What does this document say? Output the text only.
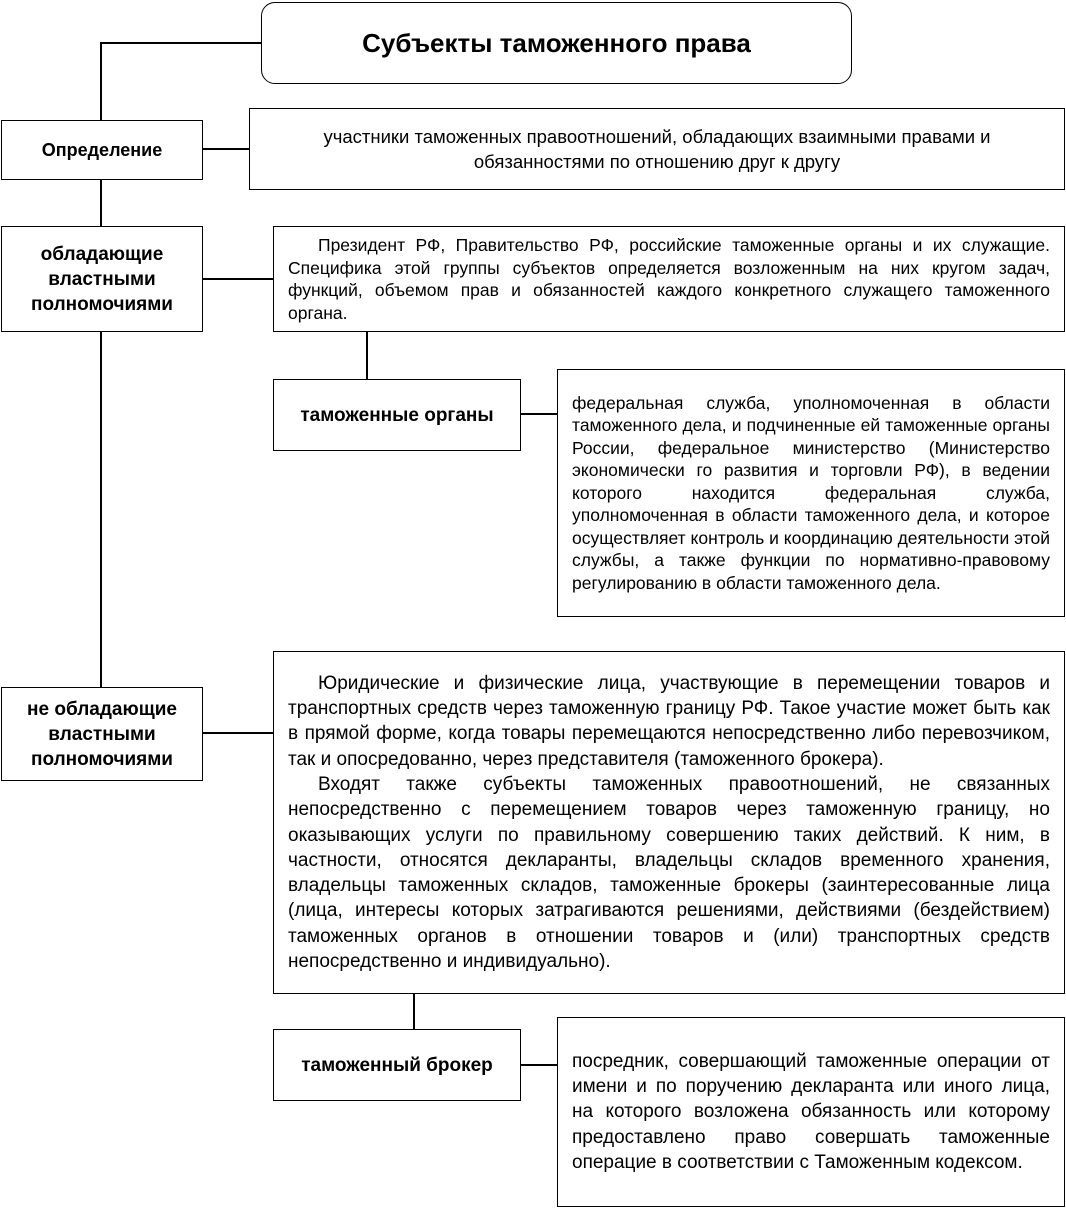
Субъекты таможенного права
Определение
участники таможенных правоотношений, обладающих взаимными правами и обязанностями по отношению друг к другу
обладающие властными полномочиями

Президент РФ, Правительство РФ, российские таможенные органы и их служащие. Специфика этой группы субъектов определяется возложенным на них кругом задач, функций, объемом прав и обязанностей каждого конкретного служащего таможенного органа.

таможенные органы
федеральная служба, уполномоченная в области таможенного дела, и подчиненные ей таможенные органы России, федеральное министерство (Министерство экономически го развития и торговли РФ), в ведении которого находится федеральная служба, уполномоченная в области таможенного дела, и которое осуществляет контроль и координацию деятельности этой службы, а также функции по нормативно-правовому регулированию в области таможенного дела.
не обладающие властными полномочиями

Юридические и физические лица, участвующие в перемещении товаров и транспортных средств через таможенную границу РФ. Такое участие может быть как в прямой форме, когда товары перемещаются непосредственно либо перевозчиком, так и опосредованно, через представителя (таможенного брокера).

Входят также субъекты таможенных правоотношений, не связанных непосредственно с перемещением товаров через таможенную границу, но оказывающих услуги по правильному совершению таких действий. К ним, в частности, относятся декларанты, владельцы складов временного хранения, владельцы таможенных складов, таможенные брокеры (заинтересованные лица (лица, интересы которых затрагиваются решениями, действиями (бездействием) таможенных органов в отношении товаров и (или) транспортных средств непосредственно и индивидуально).

таможенный брокер	посредник, совершающий таможенные операции от имени и по поручению декларанта или иного лица, на которого возложена обязанность или которому предоставлено право совершать таможенные операцие в соответствии с Таможенным кодексом.
